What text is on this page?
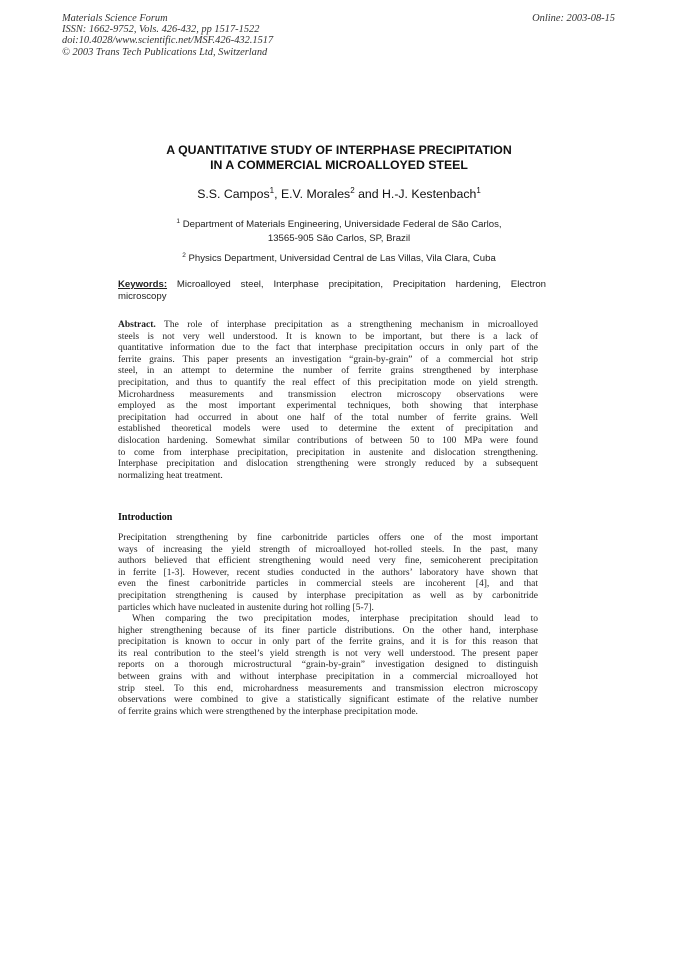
Materials Science Forum
ISSN: 1662-9752, Vols. 426-432, pp 1517-1522
doi:10.4028/www.scientific.net/MSF.426-432.1517
© 2003 Trans Tech Publications Ltd, Switzerland
Online: 2003-08-15
A QUANTITATIVE STUDY OF INTERPHASE PRECIPITATION
IN A COMMERCIAL MICROALLOYED STEEL
S.S. Campos$^1$, E.V. Morales$^2$ and H.-J. Kestenbach$^1$
$^1$ Department of Materials Engineering, Universidade Federal de São Carlos,
13565-905 São Carlos, SP, Brazil
$^2$ Physics Department, Universidad Central de Las Villas, Vila Clara, Cuba
Keywords: Microalloyed steel, Interphase precipitation, Precipitation hardening, Electron microscopy
Abstract. The role of interphase precipitation as a strengthening mechanism in microalloyed
steels is not very well understood. It is known to be important, but there is a lack of
quantitative information due to the fact that interphase precipitation occurs in only part of the
ferrite grains. This paper presents an investigation “grain-by-grain” of a commercial hot strip
steel, in an attempt to determine the number of ferrite grains strengthened by interphase
precipitation, and thus to quantify the real effect of this precipitation mode on yield strength.
Microhardness measurements and transmission electron microscopy observations were
employed as the most important experimental techniques, both showing that interphase
precipitation had occurred in about one half of the total number of ferrite grains. Well
established theoretical models were used to determine the extent of precipitation and
dislocation hardening. Somewhat similar contributions of between 50 to 100 MPa were found
to come from interphase precipitation, precipitation in austenite and dislocation strengthening.
Interphase precipitation and dislocation strengthening were strongly reduced by a subsequent
normalizing heat treatment.
Introduction
Precipitation strengthening by fine carbonitride particles offers one of the most important
ways of increasing the yield strength of microalloyed hot-rolled steels. In the past, many
authors believed that efficient strengthening would need very fine, semicoherent precipitation
in ferrite [1-3]. However, recent studies conducted in the authors’ laboratory have shown that
even the finest carbonitride particles in commercial steels are incoherent [4], and that
precipitation strengthening is caused by interphase precipitation as well as by carbonitride
particles which have nucleated in austenite during hot rolling [5-7].
When comparing the two precipitation modes, interphase precipitation should lead to
higher strengthening because of its finer particle distributions. On the other hand, interphase
precipitation is known to occur in only part of the ferrite grains, and it is for this reason that
its real contribution to the steel’s yield strength is not very well understood. The present paper
reports on a thorough microstructural “grain-by-grain” investigation designed to distinguish
between grains with and without interphase precipitation in a commercial microalloyed hot
strip steel. To this end, microhardness measurements and transmission electron microscopy
observations were combined to give a statistically significant estimate of the relative number
of ferrite grains which were strengthened by the interphase precipitation mode.
